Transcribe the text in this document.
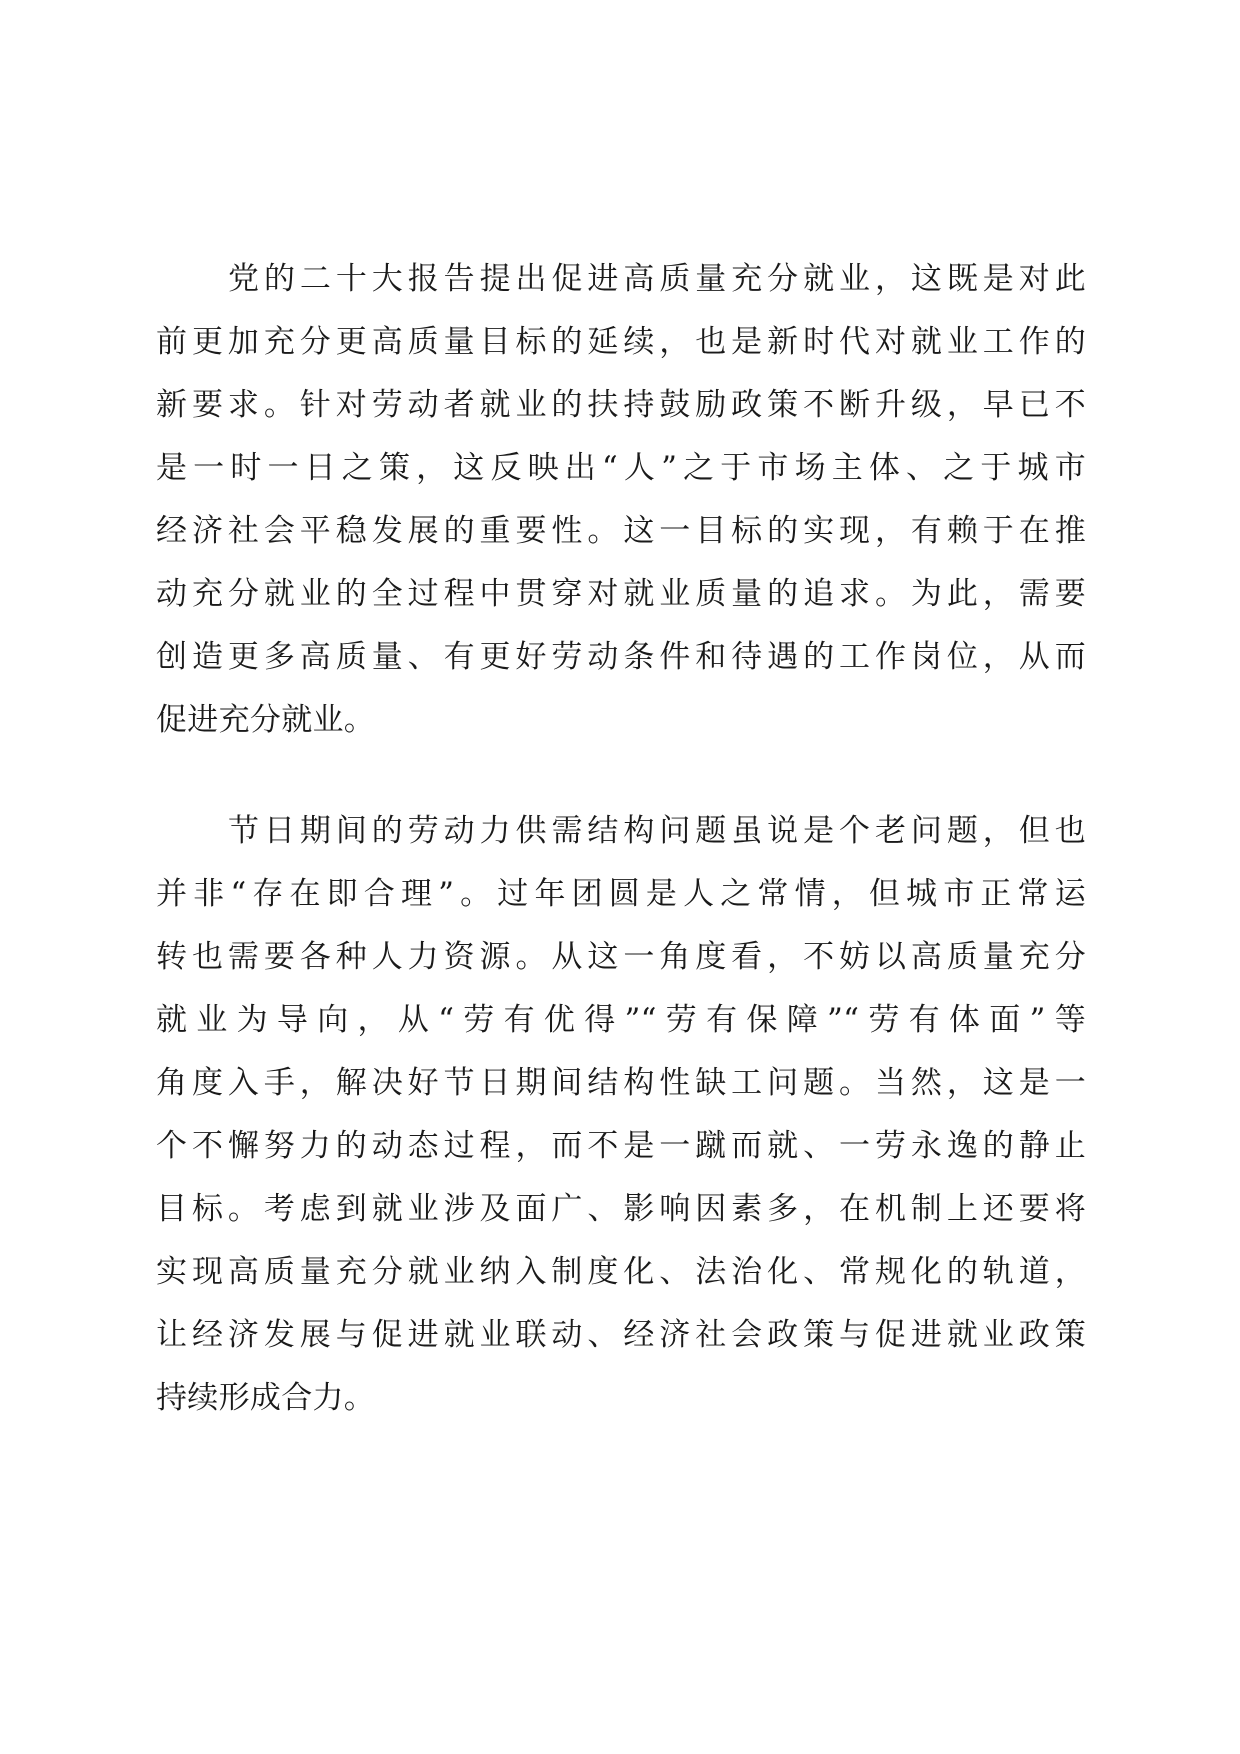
党的二十大报告提出促进高质量充分就业，这既是对此
前更加充分更高质量目标的延续，也是新时代对就业工作的
新要求。针对劳动者就业的扶持鼓励政策不断升级，早已不
是一时一日之策，这反映出“人”之于市场主体、之于城市
经济社会平稳发展的重要性。这一目标的实现，有赖于在推
动充分就业的全过程中贯穿对就业质量的追求。为此，需要
创造更多高质量、有更好劳动条件和待遇的工作岗位，从而
促进充分就业。
节日期间的劳动力供需结构问题虽说是个老问题，但也
并非“存在即合理”。过年团圆是人之常情，但城市正常运
转也需要各种人力资源。从这一角度看，不妨以高质量充分
就业为导向，从“劳有优得”“劳有保障”“劳有体面”等
角度入手，解决好节日期间结构性缺工问题。当然，这是一
个不懈努力的动态过程，而不是一蹴而就、一劳永逸的静止
目标。考虑到就业涉及面广、影响因素多，在机制上还要将
实现高质量充分就业纳入制度化、法治化、常规化的轨道，
让经济发展与促进就业联动、经济社会政策与促进就业政策
持续形成合力。
